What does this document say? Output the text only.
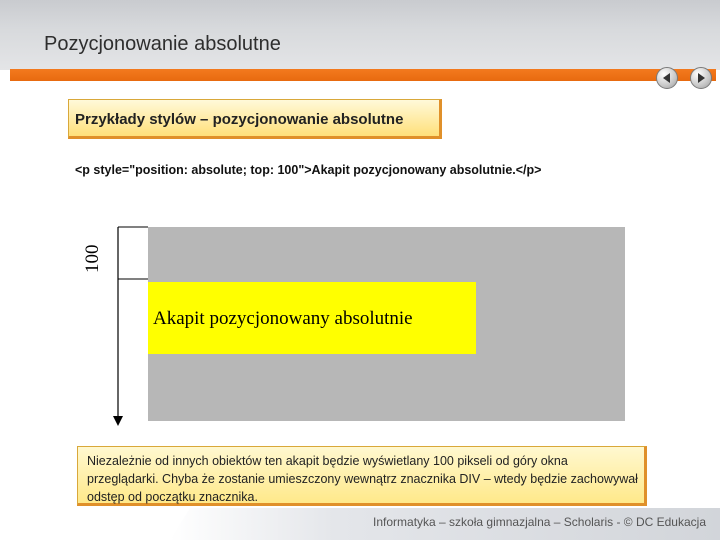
Pozycjonowanie absolutne
Przykłady stylów – pozycjonowanie absolutne
<p style="position: absolute; top: 100">Akapit pozycjonowany absolutnie.</p>
Akapit pozycjonowany absolutnie
100
Niezależnie od innych obiektów ten akapit będzie wyświetlany 100 pikseli od góry okna przeglądarki. Chyba że zostanie umieszczony wewnątrz znacznika DIV – wtedy będzie zachowywał odstęp od początku znacznika.
Informatyka – szkoła gimnazjalna – Scholaris - © DC Edukacja
